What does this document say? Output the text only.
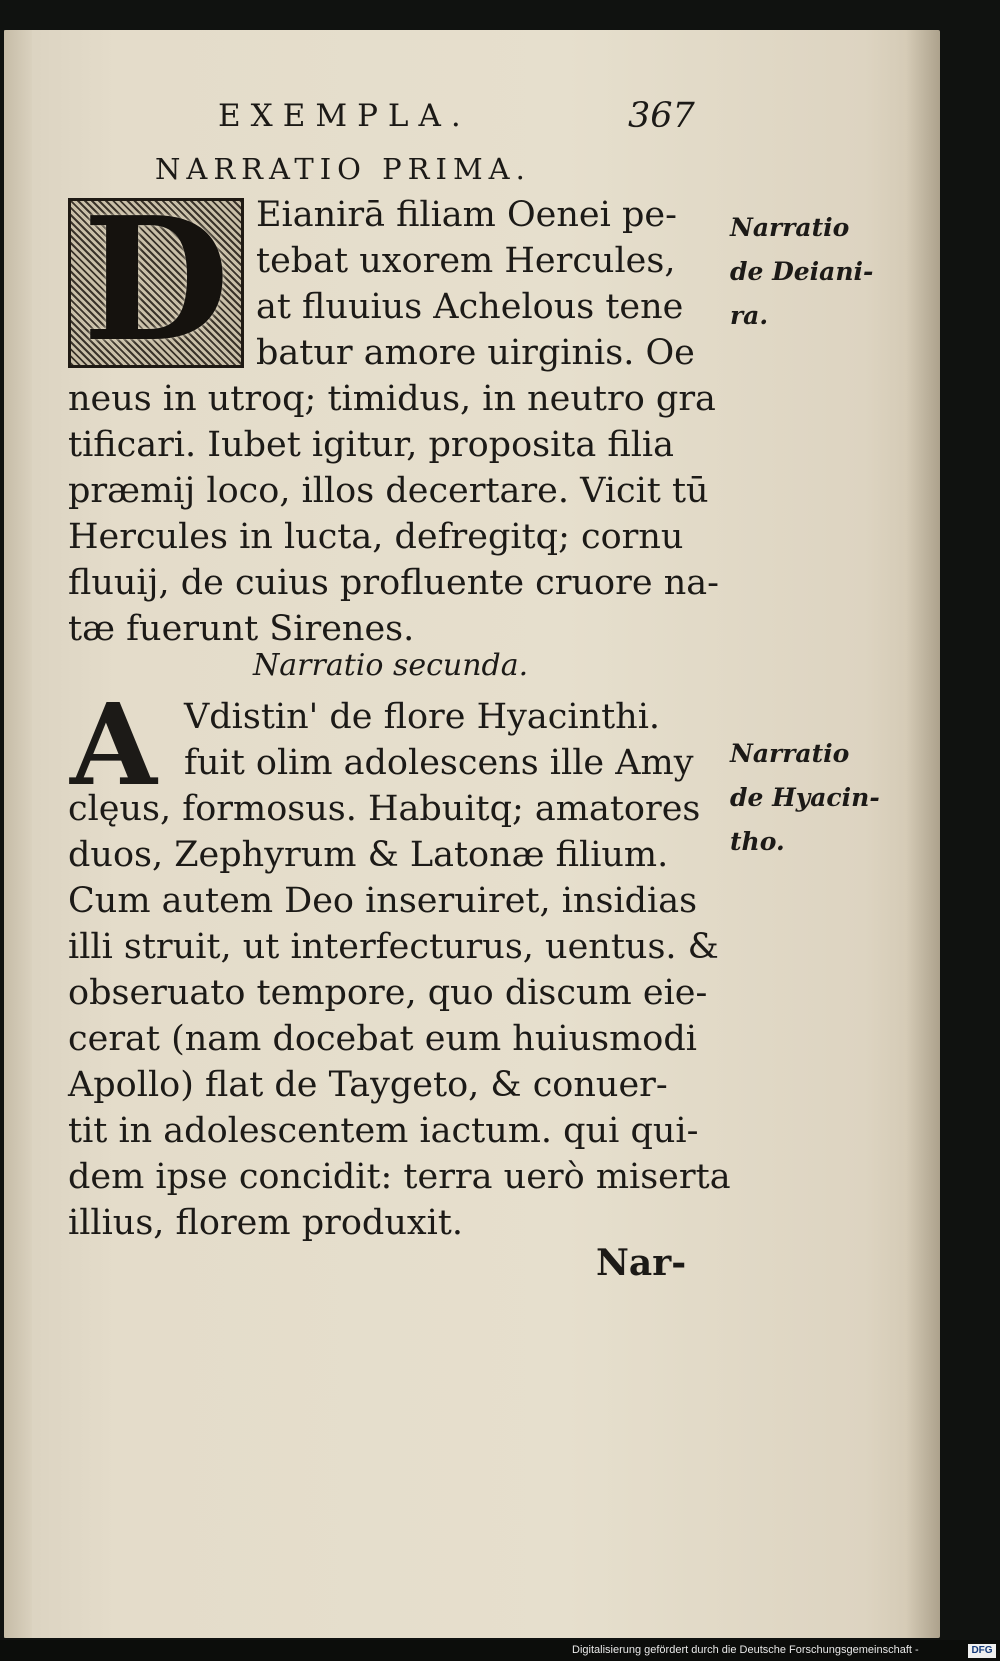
EXEMPLA.	367
NARRATIO PRIMA.
D Eianirā filiam Oenei pe-
tebat uxorem Hercules,
at fluuius Achelous tene
batur amore uirginis. Oe
neus in utroq; timidus, in neutro gra
tificari. Iubet igitur, proposita filia
præmij loco, illos decertare. Vicit tū
Hercules in lucta, defregitq; cornu
fluuij, de cuius profluente cruore na-
tæ fuerunt Sirenes.
Narratio secunda.
A Vdistin' de flore Hyacinthi.
fuit olim adolescens ille Amy
clęus, formosus. Habuitq; amatores
duos, Zephyrum & Latonæ filium.
Cum autem Deo inseruiret, insidias
illi struit, ut interfecturus, uentus. &
obseruato tempore, quo discum eie-
cerat (nam docebat eum huiusmodi
Apollo) flat de Taygeto, & conuer-
tit in adolescentem iactum. qui qui-
dem ipse concidit: terra uerò miserta
illius, florem produxit.
Narratio
de Deiani-
ra.
Narratio
de Hyacin-
tho.
Nar-
Digitalisierung gefördert durch die Deutsche Forschungsgemeinschaft -	DFG
